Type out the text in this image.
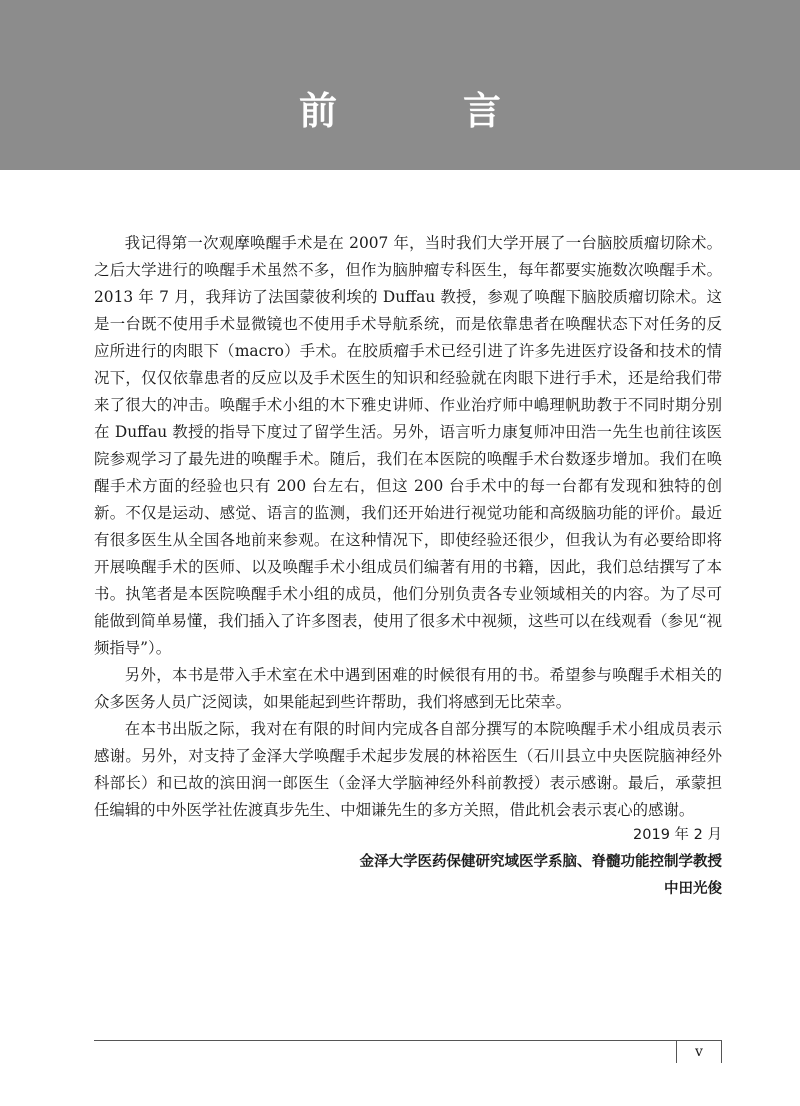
前　言

我记得第一次观摩唤醒手术是在 2007 年，当时我们大学开展了一台脑胶质瘤切除术。之后大学进行的唤醒手术虽然不多，但作为脑肿瘤专科医生，每年都要实施数次唤醒手术。2013 年 7 月，我拜访了法国蒙彼利埃的 Duffau 教授，参观了唤醒下脑胶质瘤切除术。这是一台既不使用手术显微镜也不使用手术导航系统，而是依靠患者在唤醒状态下对任务的反应所进行的肉眼下（macro）手术。在胶质瘤手术已经引进了许多先进医疗设备和技术的情况下，仅仅依靠患者的反应以及手术医生的知识和经验就在肉眼下进行手术，还是给我们带来了很大的冲击。唤醒手术小组的木下雅史讲师、作业治疗师中嶋理帆助教于不同时期分别在 Duffau 教授的指导下度过了留学生活。另外，语言听力康复师冲田浩一先生也前往该医院参观学习了最先进的唤醒手术。随后，我们在本医院的唤醒手术台数逐步增加。我们在唤醒手术方面的经验也只有 200 台左右，但这 200 台手术中的每一台都有发现和独特的创新。不仅是运动、感觉、语言的监测，我们还开始进行视觉功能和高级脑功能的评价。最近有很多医生从全国各地前来参观。在这种情况下，即使经验还很少，但我认为有必要给即将开展唤醒手术的医师、以及唤醒手术小组成员们编著有用的书籍，因此，我们总结撰写了本书。执笔者是本医院唤醒手术小组的成员，他们分别负责各专业领域相关的内容。为了尽可能做到简单易懂，我们插入了许多图表，使用了很多术中视频，这些可以在线观看（参见“视频指导”）。

另外，本书是带入手术室在术中遇到困难的时候很有用的书。希望参与唤醒手术相关的众多医务人员广泛阅读，如果能起到些许帮助，我们将感到无比荣幸。

在本书出版之际，我对在有限的时间内完成各自部分撰写的本院唤醒手术小组成员表示感谢。另外，对支持了金泽大学唤醒手术起步发展的林裕医生（石川县立中央医院脑神经外科部长）和已故的滨田润一郎医生（金泽大学脑神经外科前教授）表示感谢。最后，承蒙担任编辑的中外医学社佐渡真步先生、中畑谦先生的多方关照，借此机会表示衷心的感谢。

2019 年 2 月
金泽大学医药保健研究域医学系脑、脊髓功能控制学教授
中田光俊
v
